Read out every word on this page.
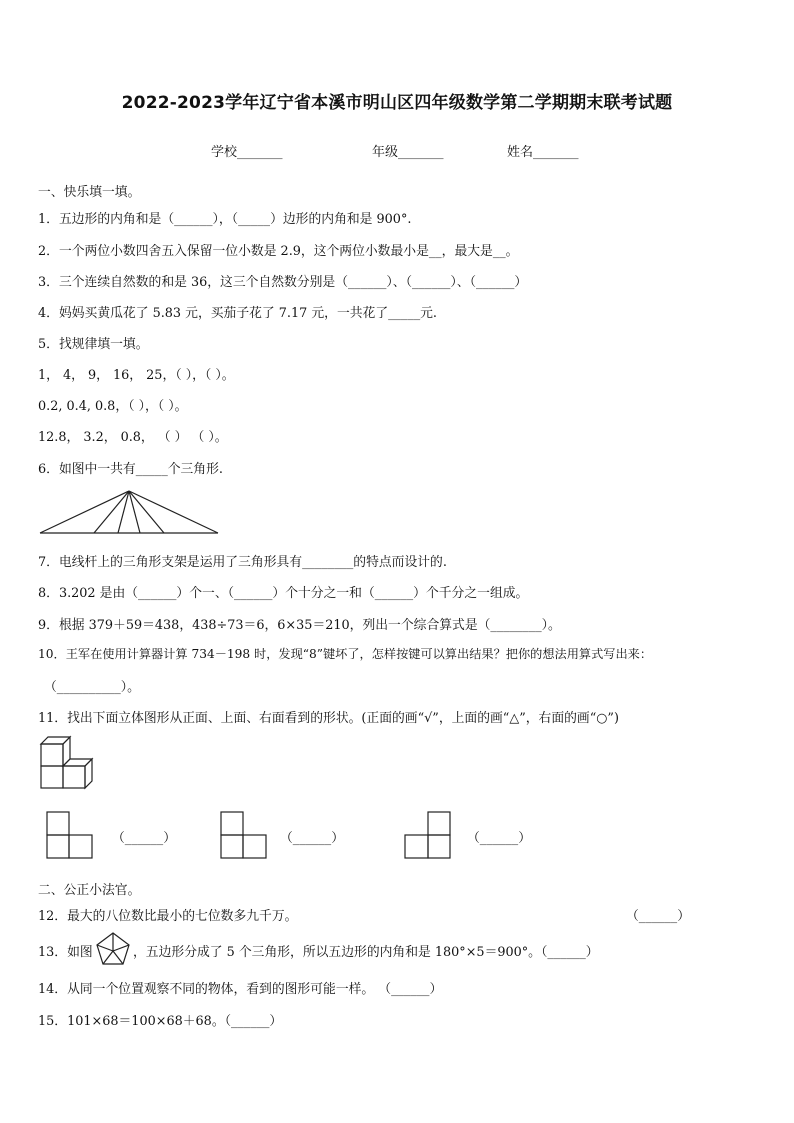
2022-2023学年辽宁省本溪市明山区四年级数学第二学期期末联考试题
学校_______	年级_______	姓名_______
一、快乐填一填。
1．五边形的内角和是（______），（_____）边形的内角和是 900°.
2．一个两位小数四舍五入保留一位小数是 2.9，这个两位小数最小是__，最大是__。
3．三个连续自然数的和是 36，这三个自然数分别是（______）、（______）、（______）
4．妈妈买黄瓜花了 5.83 元，买茄子花了 7.17 元，一共花了_____元.
5．找规律填一填。
1， 4， 9， 16， 25，（ ），（ ）。
0.2, 0.4, 0.8，（ ），（ ）。
12.8， 3.2， 0.8， （ ） （ ）。
6．如图中一共有_____个三角形.
7．电线杆上的三角形支架是运用了三角形具有________的特点而设计的.
8．3.202 是由（______）个一、（______）个十分之一和（______）个千分之一组成。
9．根据 379＋59＝438，438÷73＝6，6×35＝210，列出一个综合算式是（________）。
10．王军在使用计算器计算 734－198 时，发现“8”键坏了，怎样按键可以算出结果？把你的想法用算式写出来：
（__________）。
11．找出下面立体图形从正面、上面、右面看到的形状。(正面的画“√”，上面的画“△”，右面的画“○”)
（______）	（______）	（______）
二、公正小法官。
12．最大的八位数比最小的七位数多九千万。	（______）
13．如图	，五边形分成了 5 个三角形，所以五边形的内角和是 180°×5＝900°。（______）
14．从同一个位置观察不同的物体，看到的图形可能一样。 （______）
15．101×68＝100×68＋68。（______）
